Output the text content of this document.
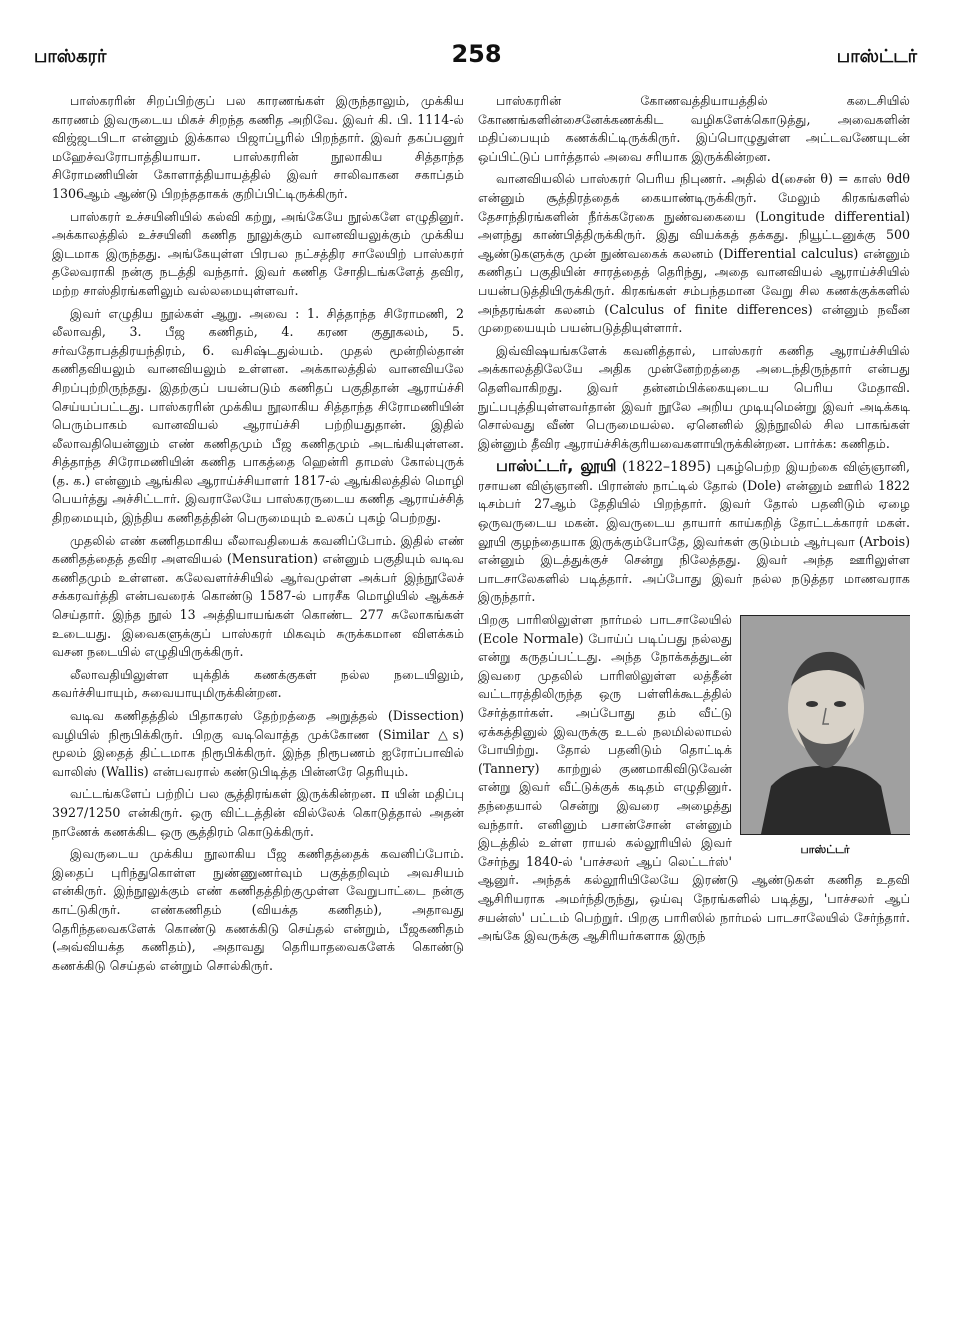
பாஸ்கரர்	258	பாஸ்ட்டர்

பாஸ்கரரின் சிறப்பிற்குப் பல காரணங்கள் இருந்தாலும், முக்கிய காரணம் இவருடைய மிகச் சிறந்த கணித அறிவே. இவர் கி. பி. 1114-ல் விஜ்ஜடபிடா என்னும் இக்கால பிஜாப்பூரில் பிறந்தார். இவர் தகப்பனுர் மஹேச்வரோபாத்தியாயா. பாஸ்கரரின் நூலாகிய சித்தாந்த சிரோமணியின் கோளாத்தியாயத்தில் இவர் சாலிவாகன சகாப்தம் 1306ஆம் ஆண்டு பிறந்ததாகக் குறிப்பிட்டிருக்கிருர்.

பாஸ்கரர் உச்சயினியில் கல்வி கற்று, அங்கேயே நூல்களே எழுதினுர். அக்காலத்தில் உச்சயினி கணித நூலுக்கும் வானவியலுக்கும் முக்கிய இடமாக இருந்தது. அங்கேயுள்ள பிரபல நட்சத்திர சாலேயிற் பாஸ்கரர் தலேவராகி நன்கு நடத்தி வந்தார். இவர் கணித சோதிடங்களேத் தவிர, மற்ற சாஸ்திரங்களிலும் வல்லமையுள்ளவர்.

இவர் எழுதிய நூல்கள் ஆறு. அவை : 1. சித்தாந்த சிரோமணி, 2 லீலாவதி, 3. பீஜ கணிதம், 4. கரண குதூகலம், 5. சர்வதோபத்திரயந்திரம், 6. வசிஷ்டதுல்யம். முதல் மூன்றில்தான் கணிதவியலும் வானவியலும் உள்ளன. அக்காலத்தில் வானவியலே சிறப்புற்றிருந்தது. இதற்குப் பயன்படும் கணிதப் பகுதிதான் ஆராய்ச்சி செய்யப்பட்டது. பாஸ்கரரின் முக்கிய நூலாகிய சித்தாந்த சிரோமணியின் பெரும்பாகம் வானவியல் ஆராய்ச்சி பற்றியதுதான். இதில் லீலாவதியென்னும் எண் கணிதமும் பீஜ கணிதமும் அடங்கியுள்ளன. சித்தாந்த சிரோமணியின் கணித பாகத்தை ஹென்ரி தாமஸ் கோல்புருக் (த. க.) என்னும் ஆங்கில ஆராய்ச்சியாளர் 1817-ல் ஆங்கிலத்தில் மொழி பெயர்த்து அச்சிட்டார். இவராலேயே பாஸ்கரருடைய கணித ஆராய்ச்சித் திறமையும், இந்திய கணிதத்தின் பெருமையும் உலகப் புகழ் பெற்றது.

முதலில் எண் கணிதமாகிய லீலாவதியைக் கவனிப்போம். இதில் எண் கணிதத்தைத் தவிர அளவியல் (Mensuration) என்னும் பகுதியும் வடிவ கணிதமும் உள்ளன. கலேவளர்ச்சியில் ஆர்வமுள்ள அக்பர் இந்நூலேச் சக்கரவர்த்தி என்பவரைக் கொண்டு 1587-ல் பாரசீக மொழியில் ஆக்கச் செய்தார். இந்த நூல் 13 அத்தியாயங்கள் கொண்ட 277 சுலோகங்கள் உடையது. இவைகளுக்குப் பாஸ்கரர் மிகவும் சுருக்கமான விளக்கம் வசன நடையில் எழுதியிருக்கிருர்.

லீலாவதியிலுள்ள யுக்திக் கணக்குகள் நல்ல நடையிலும், கவர்ச்சியாயும், சுவையாயுமிருக்கின்றன.

வடிவ கணிதத்தில் பிதாகரஸ் தேற்றத்தை அறுத்தல் (Dissection) வழியில் நிரூபிக்கிருர். பிறகு வடிவொத்த முக்கோண (Similar △s) மூலம் இதைத் திட்டமாக நிரூபிக்கிருர். இந்த நிரூபணம் ஐரோப்பாவில் வாலிஸ் (Wallis) என்பவரால் கண்டுபிடித்த பின்னரே தெரியும்.

வட்டங்களேப் பற்றிப் பல சூத்திரங்கள் இருக்கின்றன. π யின் மதிப்பு 3927/1250 என்கிருர். ஒரு விட்டத்தின் வில்லேக் கொடுத்தால் அதன் நாணேக் கணக்கிட ஒரு சூத்திரம் கொடுக்கிருர்.

இவருடைய முக்கிய நூலாகிய பீஜ கணிதத்தைக் கவனிப்போம். இதைப் புரிந்துகொள்ள நுண்ணுணர்வும் பகுத்தறிவும் அவசியம் என்கிருர். இந்நூலுக்கும் எண் கணிதத்திற்குமுள்ள வேறுபாட்டை நன்கு காட்டுகிருர். எண்கணிதம் (வியக்த கணிதம்), அதாவது தெரிந்தவைகளேக் கொண்டு கணக்கிடு செய்தல் என்றும், பீஜகணிதம் (அவ்வியக்த கணிதம்), அதாவது தெரியாதவைகளேக் கொண்டு கணக்கிடு செய்தல் என்றும் சொல்கிருர்.

பாஸ்கரரின் கோணவத்தியாயத்தில் கடைசியில் கோணங்களின்சைனேக்கணக்கிட வழிகளேக்கொடுத்து, அவைகளின் மதிப்பையும் கணக்கிட்டிருக்கிருர். இப்பொழுதுள்ள அட்டவணேயுடன் ஒப்பிட்டுப் பார்த்தால் அவை சரியாக இருக்கின்றன.

வானவியலில் பாஸ்கரர் பெரிய நிபுணர். அதில் d(சைன் θ) = காஸ் θdθ என்னும் சூத்திரத்தைக் கையாண்டிருக்கிருர். மேலும் கிரகங்களில் தேசாந்திரங்களின் நீர்க்கரேகை நுண்வகையை (Longitude differential) அளந்து காண்பித்திருக்கிருர். இது வியக்கத் தக்கது. நியூட்டனுக்கு 500 ஆண்டுகளுக்கு முன் நுண்வகைக் கலனம் (Differential calculus) என்னும் கணிதப் பகுதியின் சாரத்தைத் தெரிந்து, அதை வானவியல் ஆராய்ச்சியில் பயன்படுத்தியிருக்கிருர். கிரகங்கள் சம்பந்தமான வேறு சில கணக்குக்களில் அந்தரங்கள் கலனம் (Calculus of finite differences) என்னும் நவீன முறையையும் பயன்படுத்தியுள்ளார்.

இவ்விஷயங்களேக் கவனித்தால், பாஸ்கரர் கணித ஆராய்ச்சியில் அக்காலத்திலேயே அதிக முன்னேற்றத்தை அடைந்திருந்தார் என்பது தெளிவாகிறது. இவர் தன்னம்பிக்கையுடைய பெரிய மேதாவி. நுட்பபுத்தியுள்ளவர்தான் இவர் நூலே அறிய முடியுமென்று இவர் அடிக்கடி சொல்வது வீண் பெருமையல்ல. ஏனெனில் இந்நூலில் சில பாகங்கள் இன்னும் தீவிர ஆராய்ச்சிக்குரியவைகளாயிருக்கின்றன. பார்க்க: கணிதம்.

பாஸ்ட்டர், லூயி (1822–1895) புகழ்பெற்ற இயற்கை விஞ்ஞானி, ரசாயன விஞ்ஞானி. பிரான்ஸ் நாட்டில் தோல் (Dole) என்னும் ஊரில் 1822 டிசம்பர் 27ஆம் தேதியில் பிறந்தார். இவர் தோல் பதனிடும் ஏழை ஒருவருடைய மகன். இவருடைய தாயார் காய்கறித் தோட்டக்காரர் மகள். லூயி குழந்தையாக இருக்கும்போதே, இவர்கள் குடும்பம் ஆர்புவா (Arbois) என்னும் இடத்துக்குச் சென்று நிலேத்தது. இவர் அந்த ஊரிலுள்ள பாடசாலேகளில் படித்தார். அப்போது இவர் நல்ல நடுத்தர மாணவராக இருந்தார்.

பாஸ்ட்டர்

பிறகு பாரிஸிலுள்ள நார்மல் பாடசாலேயில் (Ecole Normale) போய்ப் படிப்பது நல்லது என்று கருதப்பட்டது. அந்த நோக்கத்துடன் இவரை முதலில் பாரிஸிலுள்ள லத்தீன் வட்டாரத்திலிருந்த ஒரு பள்ளிக்கூடத்தில் சேர்த்தார்கள். அப்போது தம் வீட்டு ஏக்கத்தினுல் இவருக்கு உடல் நலமில்லாமல் போயிற்று. தோல் பதனிடும் தொட்டிக் (Tannery) காற்றுல் குணமாகிவிடுவேன் என்று இவர் வீட்டுக்குக் கடிதம் எழுதினுர். தந்தையால் சென்று இவரை அழைத்து வந்தார். எனினும் பசான்சோன் என்னும் இடத்தில் உள்ள ராயல் கல்லூரியில் இவர் சேர்ந்து 1840-ல் 'பாச்சலர் ஆப் லெட்டர்ஸ்' ஆனுர். அந்தக் கல்லூரியிலேயே இரண்டு ஆண்டுகள் கணித உதவி ஆசிரியராக அமர்ந்திருந்து, ஒய்வு நேரங்களில் படித்து, 'பாச்சலர் ஆப் சயன்ஸ்' பட்டம் பெற்றுர். பிறகு பாரிஸில் நார்மல் பாடசாலேயில் சேர்ந்தார். அங்கே இவருக்கு ஆசிரியர்களாக இருந்
